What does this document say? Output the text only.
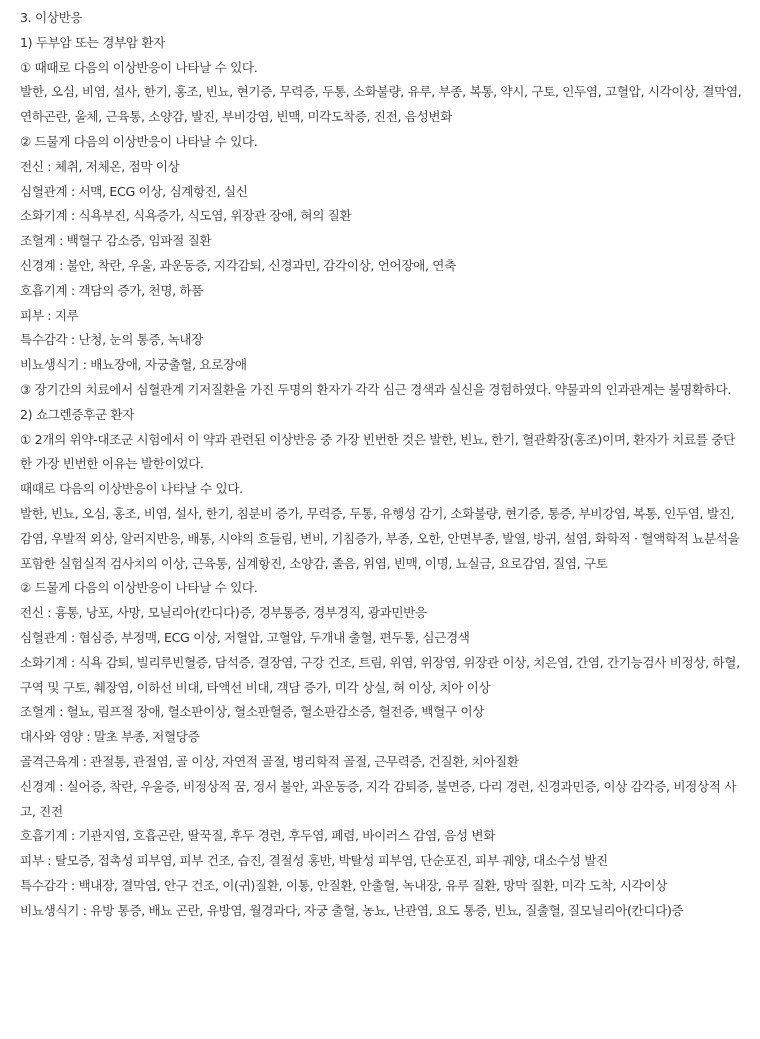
3. 이상반응

1) 두부암 또는 경부암 환자

① 때때로 다음의 이상반응이 나타날 수 있다.

발한, 오심, 비염, 설사, 한기, 홍조, 빈뇨, 현기증, 무력증, 두통, 소화불량, 유루, 부종, 복통, 약시, 구토, 인두염, 고혈압, 시각이상, 결막염, 연하곤란, 울체, 근육통, 소양감, 발진, 부비강염, 빈맥, 미각도착증, 진전, 음성변화

② 드물게 다음의 이상반응이 나타날 수 있다.

전신 : 체취, 저체온, 점막 이상

심혈관계 : 서맥, ECG 이상, 심계항진, 실신

소화기계 : 식욕부진, 식욕증가, 식도염, 위장관 장애, 혀의 질환

조혈계 : 백혈구 감소증, 임파절 질환

신경계 : 불안, 착란, 우울, 과운동증, 지각감퇴, 신경과민, 감각이상, 언어장애, 연축

호흡기계 : 객담의 증가, 천명, 하품

피부 : 지루

특수감각 : 난청, 눈의 통증, 녹내장

비뇨생식기 : 배뇨장애, 자궁출혈, 요로장애

③ 장기간의 치료에서 심혈관계 기저질환을 가진 두명의 환자가 각각 심근 경색과 실신을 경험하였다. 약물과의 인과관계는 불명확하다.

2) 쇼그렌증후군 환자

① 2개의 위약-대조군 시험에서 이 약과 관련된 이상반응 중 가장 빈번한 것은 발한, 빈뇨, 한기, 혈관확장(홍조)이며, 환자가 치료를 중단한 가장 빈번한 이유는 발한이었다.

때때로 다음의 이상반응이 나타날 수 있다.

발한, 빈뇨, 오심, 홍조, 비염, 설사, 한기, 침분비 증가, 무력증, 두통, 유행성 감기, 소화불량, 현기증, 통증, 부비강염, 복통, 인두염, 발진, 감염, 우발적 외상, 알러지반응, 배통, 시야의 흐들림, 변비, 기침증가, 부종, 오한, 안면부종, 발열, 방귀, 설염, 화학적 · 혈액학적 뇨분석을 포함한 실험실적 검사치의 이상, 근육통, 심계항진, 소양감, 졸음, 위염, 빈맥, 이명, 뇨실금, 요로감염, 질염, 구토

② 드물게 다음의 이상반응이 나타날 수 있다.

전신 : 흉통, 낭포, 사망, 모닐리아(칸디다)증, 경부통증, 경부경직, 광과민반응

심혈관계 : 협심증, 부정맥, ECG 이상, 저혈압, 고혈압, 두개내 출혈, 편두통, 심근경색

소화기계 : 식욕 감퇴, 빌리루빈혈증, 담석증, 결장염, 구강 건조, 트림, 위염, 위장염, 위장관 이상, 치은염, 간염, 간기능검사 비정상, 하혈, 구역 및 구토, 췌장염, 이하선 비대, 타액선 비대, 객담 증가, 미각 상실, 혀 이상, 치아 이상

조혈계 : 혈뇨, 림프절 장애, 혈소판이상, 혈소판혈증, 혈소판감소증, 혈전증, 백혈구 이상

대사와 영양 : 말초 부종, 저혈당증

골격근육계 : 관절통, 관절염, 골 이상, 자연적 골절, 병리학적 골절, 근무력증, 건질환, 치아질환

신경계 : 실어증, 착란, 우울증, 비정상적 꿈, 정서 불안, 과운동증, 지각 감퇴증, 불면증, 다리 경련, 신경과민증, 이상 감각증, 비정상적 사고, 진전

호흡기계 : 기관지염, 호흡곤란, 딸꾹질, 후두 경련, 후두염, 폐렴, 바이러스 감염, 음성 변화

피부 : 탈모증, 접촉성 피부염, 피부 건조, 습진, 결절성 홍반, 박탈성 피부염, 단순포진, 피부 궤양, 대소수성 발진

특수감각 : 백내장, 결막염, 안구 건조, 이(귀)질환, 이통, 안질환, 안출혈, 녹내장, 유루 질환, 망막 질환, 미각 도착, 시각이상

비뇨생식기 : 유방 통증, 배뇨 곤란, 유방염, 월경과다, 자궁 출혈, 농뇨, 난관염, 요도 통증, 빈뇨, 질출혈, 질모닐리아(칸디다)증
